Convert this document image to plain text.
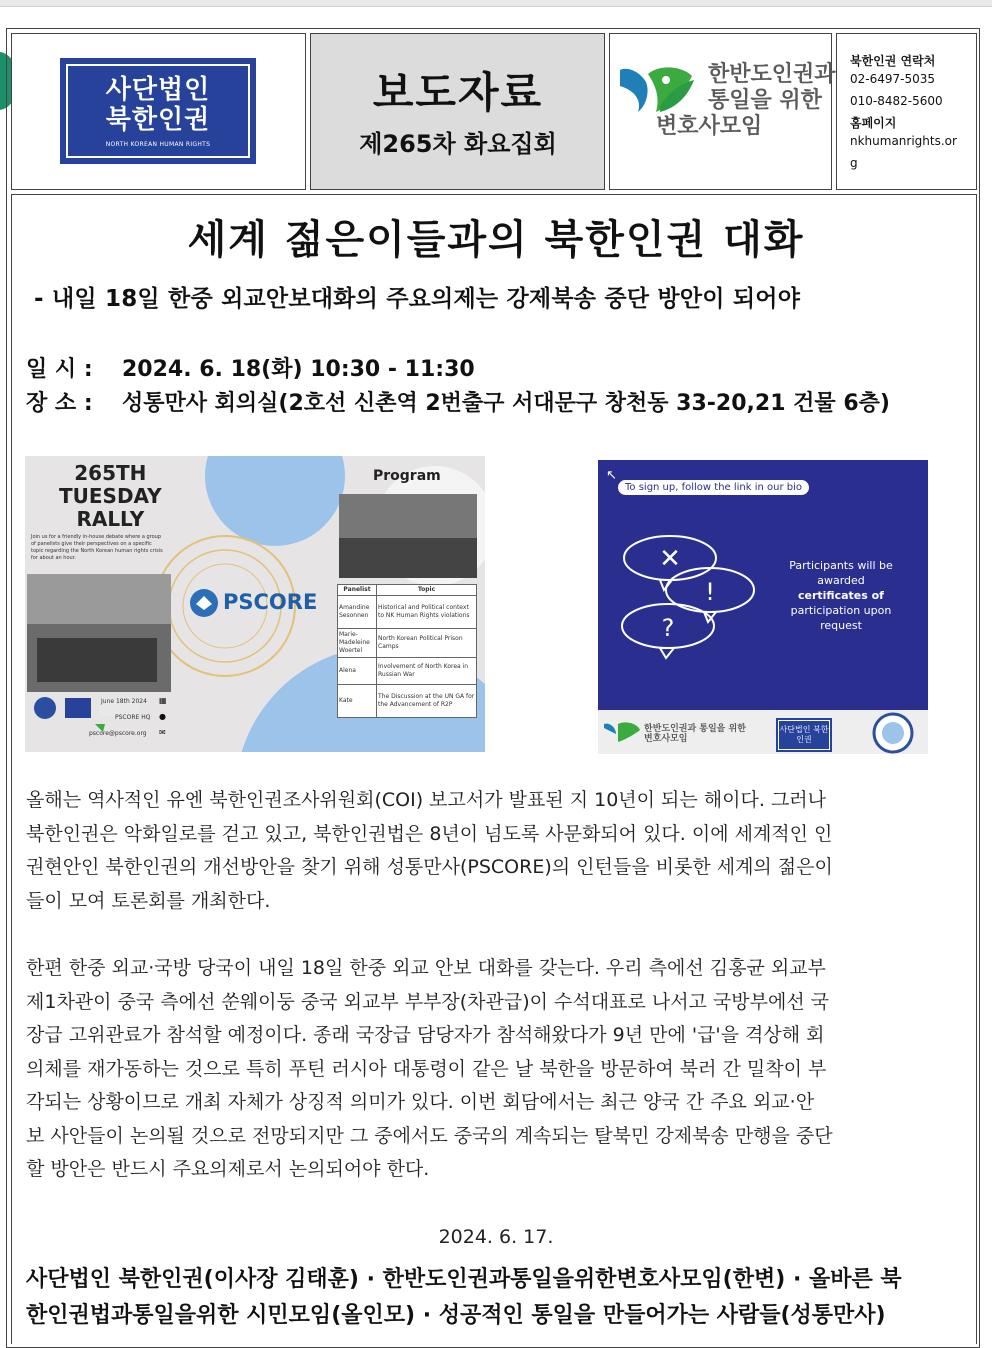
사단법인
북한인권
NORTH KOREAN HUMAN RIGHTS
보도자료
제265차 화요집회
한반도인권과
통일을 위한
변호사모임
북한인권 연락처
02-6497-5035
010-8482-5600
홈페이지
nkhumanrights.or
g
세계 젊은이들과의 북한인권 대화
- 내일 18일 한중 외교안보대화의 주요의제는 강제북송 중단 방안이 되어야
일 시 : 2024. 6. 18(화) 10:30 - 11:30
장 소 : 성통만사 회의실(2호선 신촌역 2번출구 서대문구 창천동 33-20,21 건물 6층)
265TH
TUESDAY
RALLY
Join us for a friendly in-house debate where a group of panelists give their perspectives on a specific topic regarding the North Korean human rights crisis for about an hour.
PSCORE
Program
Panelist	Topic
Amandine Sesonnen	Historical and Political context to NK Human Rights violations
Marie-Madeleine Woertel	North Korean Political Prison Camps
Alena	Involvement of North Korea in Russian War
Kate	The Discussion at the UN GA for the Advancement of R2P
June 18th 2024
PSCORE HQ
pscore@pscore.org
▦
●
✉
↖
To sign up, follow the link in our bio
✕
!
?
Participants will be
awarded
certificates of
participation upon
request
한반도인권과 통일을 위한 변호사모임
사단법인 북한인권
올해는 역사적인 유엔 북한인권조사위원회(COI) 보고서가 발표된 지 10년이 되는 해이다. 그러나
북한인권은 악화일로를 걷고 있고, 북한인권법은 8년이 넘도록 사문화되어 있다. 이에 세계적인 인
권현안인 북한인권의 개선방안을 찾기 위해 성통만사(PSCORE)의 인턴들을 비롯한 세계의 젊은이
들이 모여 토론회를 개최한다.
한편 한중 외교·국방 당국이 내일 18일 한중 외교 안보 대화를 갖는다. 우리 측에선 김홍균 외교부
제1차관이 중국 측에선 쑨웨이둥 중국 외교부 부부장(차관급)이 수석대표로 나서고 국방부에선 국
장급 고위관료가 참석할 예정이다. 종래 국장급 담당자가 참석해왔다가 9년 만에 '급'을 격상해 회
의체를 재가동하는 것으로 특히 푸틴 러시아 대통령이 같은 날 북한을 방문하여 북러 간 밀착이 부
각되는 상황이므로 개최 자체가 상징적 의미가 있다. 이번 회담에서는 최근 양국 간 주요 외교·안
보 사안들이 논의될 것으로 전망되지만 그 중에서도 중국의 계속되는 탈북민 강제북송 만행을 중단
할 방안은 반드시 주요의제로서 논의되어야 한다.
2024. 6. 17.
사단법인 북한인권(이사장 김태훈) · 한반도인권과통일을위한변호사모임(한변) · 올바른 북
한인권법과통일을위한 시민모임(올인모) · 성공적인 통일을 만들어가는 사람들(성통만사)
